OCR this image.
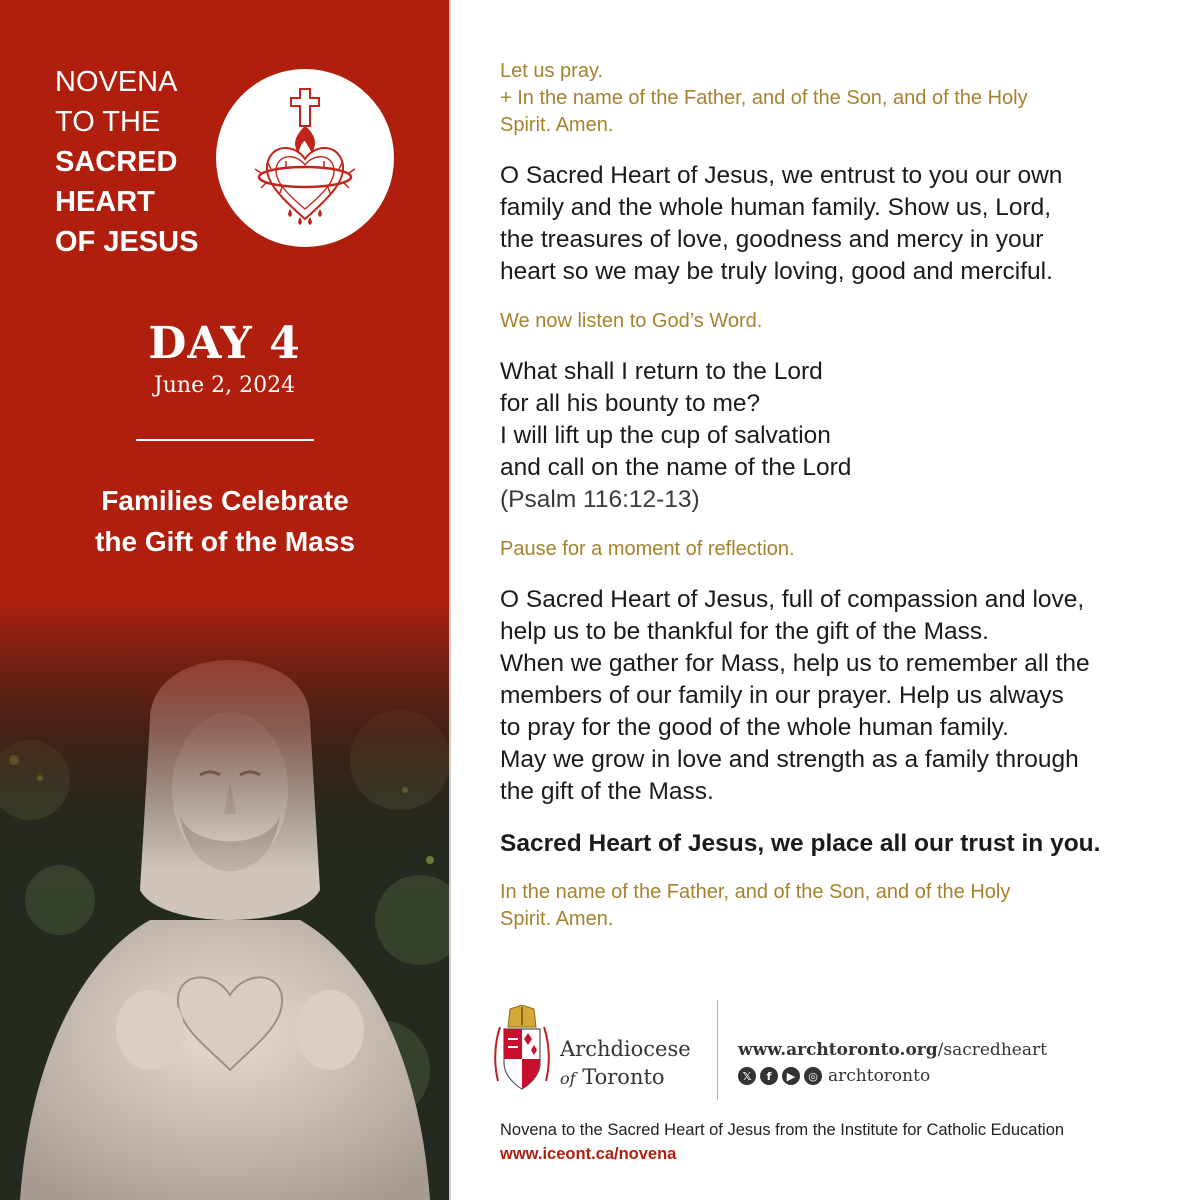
NOVENA
TO THE
SACRED
HEART
OF JESUS
DAY 4
June 2, 2024
Families Celebrate
the Gift of the Mass
Let us pray.
+ In the name of the Father, and of the Son, and of the Holy
Spirit. Amen.
O Sacred Heart of Jesus, we entrust to you our own
family and the whole human family. Show us, Lord,
the treasures of love, goodness and mercy in your
heart so we may be truly loving, good and merciful.
We now listen to God’s Word.
What shall I return to the Lord
for all his bounty to me?
I will lift up the cup of salvation
and call on the name of the Lord
(Psalm 116:12-13)
Pause for a moment of reflection.
O Sacred Heart of Jesus, full of compassion and love,
help us to be thankful for the gift of the Mass.
When we gather for Mass, help us to remember all the
members of our family in our prayer. Help us always
to pray for the good of the whole human family.
May we grow in love and strength as a family through
the gift of the Mass.
Sacred Heart of Jesus, we place all our trust in you.
In the name of the Father, and of the Son, and of the Holy
Spirit. Amen.
Archdiocese
of Toronto
www.archtoronto.org/sacredheart
𝕏	f	▶	◎ archtoronto
Novena to the Sacred Heart of Jesus from the Institute for Catholic Education
www.iceont.ca/novena
